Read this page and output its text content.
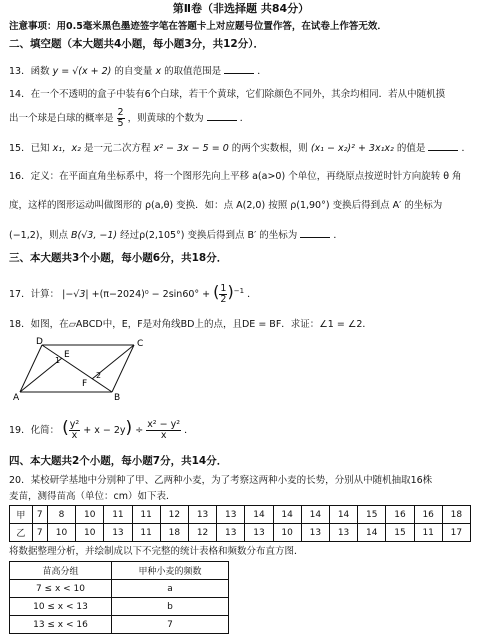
第Ⅱ卷（非选择题 共84分）
注意事项：用0.5毫米黑色墨迹签字笔在答题卡上对应题号位置作答，在试卷上作答无效．
二、填空题（本大题共4小题，每小题3分，共12分）．
13．函数 y = √(x + 2) 的自变量 x 的取值范围是	．
14．在一个不透明的盒子中装有6个白球，若干个黄球，它们除颜色不同外，其余均相同．若从中随机摸
出一个球是白球的概率是 $\frac{2}{5}$ ，则黄球的个数为	．
15．已知 x₁，x₂ 是一元二次方程 x² − 3x − 5 = 0 的两个实数根，则 (x₁ − x₂)² + 3x₁x₂ 的值是	．
16．定义：在平面直角坐标系中，将一个图形先向上平移 a(a>0) 个单位，再绕原点按逆时针方向旋转 θ 角
度，这样的图形运动叫做图形的 ρ(a,θ) 变换．如：点 A(2,0) 按照 ρ(1,90°) 变换后得到点 A′ 的坐标为
(−1,2)，则点 B(√3, −1) 经过ρ(2,105°) 变换后得到点 B′ 的坐标为	．
三、本大题共3个小题，每小题6分，共18分．
17．计算： |−√3| +(π−2024)⁰ − 2sin60° + ( $\frac{1}{2} )^{-1}$ ．
18．如图，在▱ABCD中，E，F是对角线BD上的点，且DE = BF．求证：∠1 = ∠2．
A	B
C
D
E
F
1
2
19．化简： ( $\frac{\text{y²}}{x} + x - 2y) \div \frac{\text{x² − y²}}{x}$ ．
四、本大题共2个小题，每小题7分，共14分．
20．某校研学基地中分别种了甲、乙两种小麦，为了考察这两种小麦的长势，分别从中随机抽取16株
麦苗，测得苗高（单位：cm）如下表．
甲	7	8	10	11	11	12	13	13	14	14	14	14	15	16	16	18
乙	7	10	10	13	11	18	12	13	13	10	13	13	14	15	11	17
将数据整理分析，并绘制成以下不完整的统计表格和频数分布直方图．
苗高分组	甲种小麦的频数
7 ≤ x < 10	a
10 ≤ x < 13	b
13 ≤ x < 16	7
